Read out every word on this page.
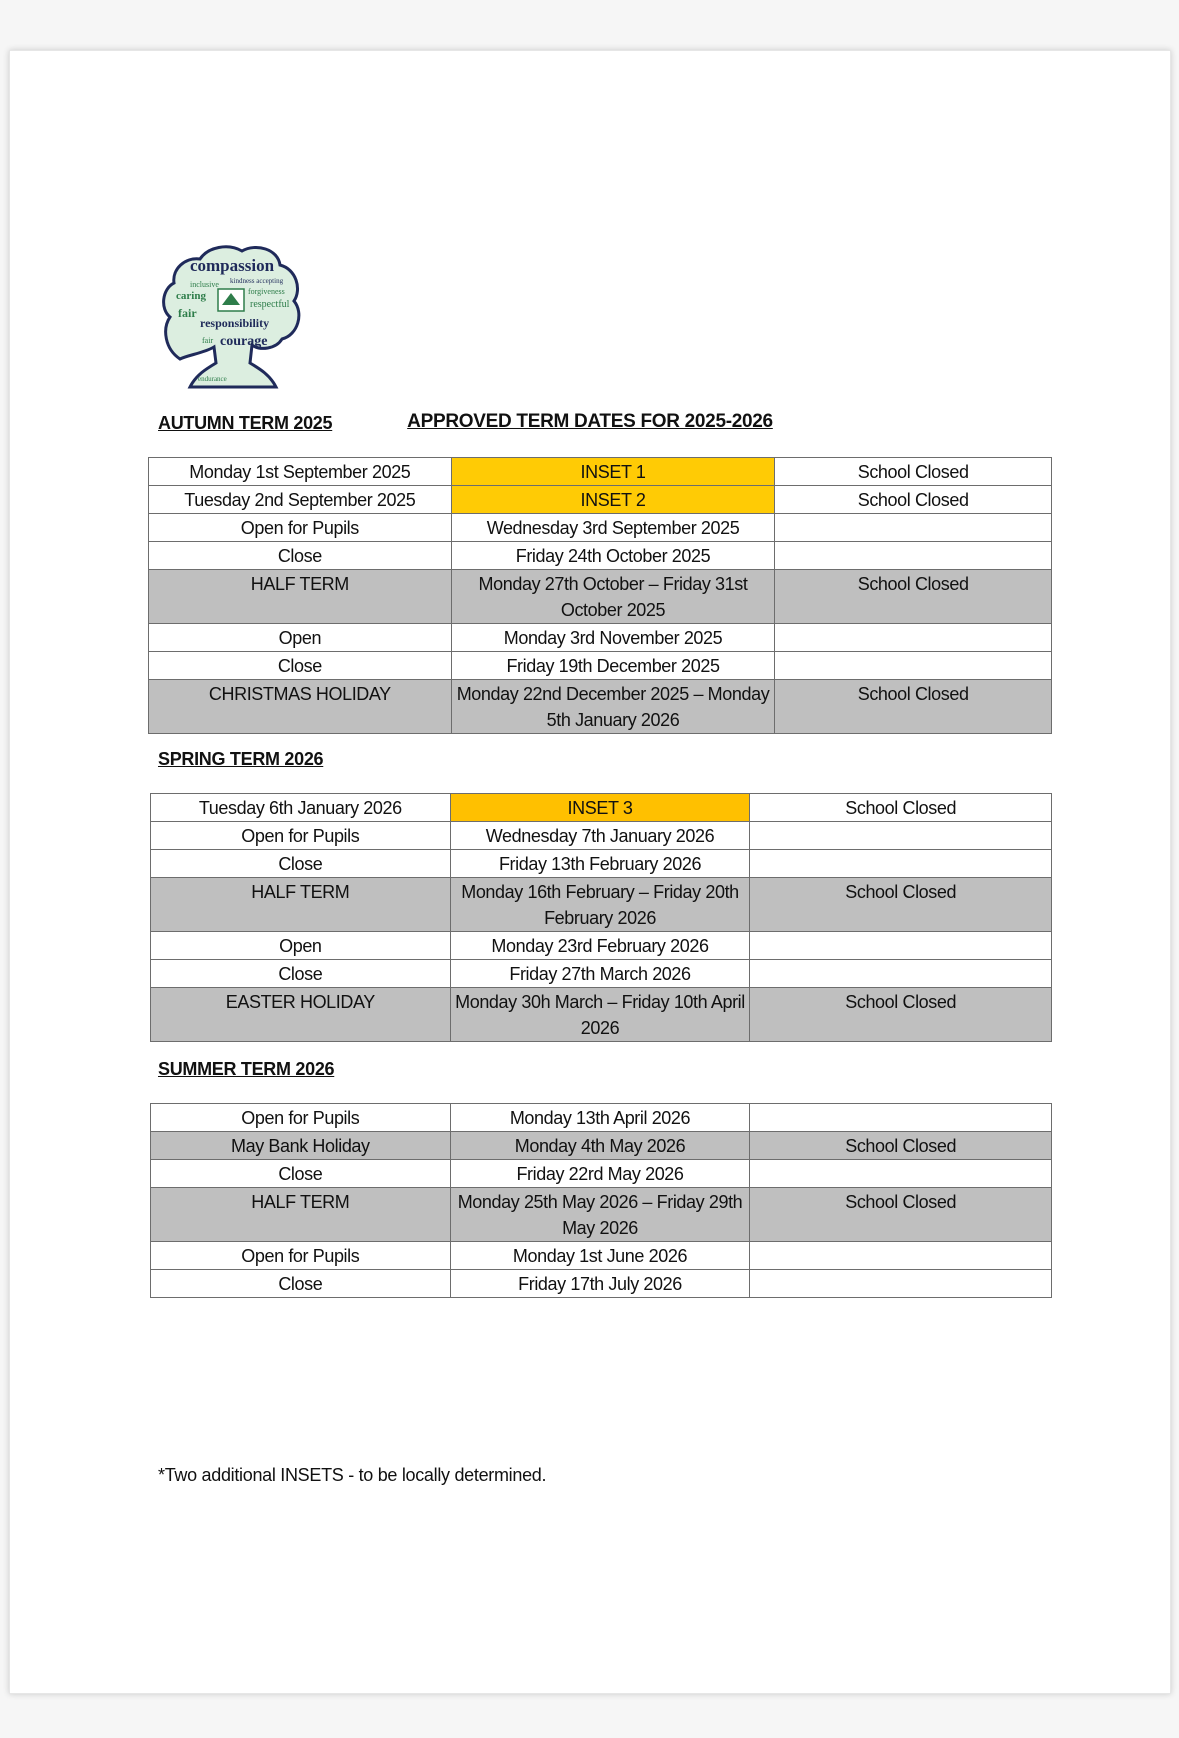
compassion
inclusive kindness accepting
caring	forgiveness
respectful
fair
responsibility
courage
fair
endurance
APPROVED TERM DATES FOR 2025-2026
AUTUMN TERM 2025
Monday 1st September 2025	INSET 1	School Closed
Tuesday 2nd September 2025	INSET 2	School Closed
Open for Pupils	Wednesday 3rd September 2025	
Close	Friday 24th October 2025	
HALF TERM	Monday 27th October – Friday 31st October 2025	School Closed
Open	Monday 3rd November 2025	
Close	Friday 19th December 2025	
CHRISTMAS HOLIDAY	Monday 22nd December 2025 – Monday 5th January 2026	School Closed
SPRING TERM 2026
Tuesday 6th January 2026	INSET 3	School Closed
Open for Pupils	Wednesday 7th January 2026	
Close	Friday 13th February 2026	
HALF TERM	Monday 16th February – Friday 20th February 2026	School Closed
Open	Monday 23rd February 2026	
Close	Friday 27th March 2026	
EASTER HOLIDAY	Monday 30h March – Friday 10th April 2026	School Closed
SUMMER TERM 2026
Open for Pupils	Monday 13th April 2026	
May Bank Holiday	Monday 4th May 2026	School Closed
Close	Friday 22rd May 2026	
HALF TERM	Monday 25th May 2026 – Friday 29th May 2026	School Closed
Open for Pupils	Monday 1st June 2026	
Close	Friday 17th July 2026	
*Two additional INSETS - to be locally determined.
